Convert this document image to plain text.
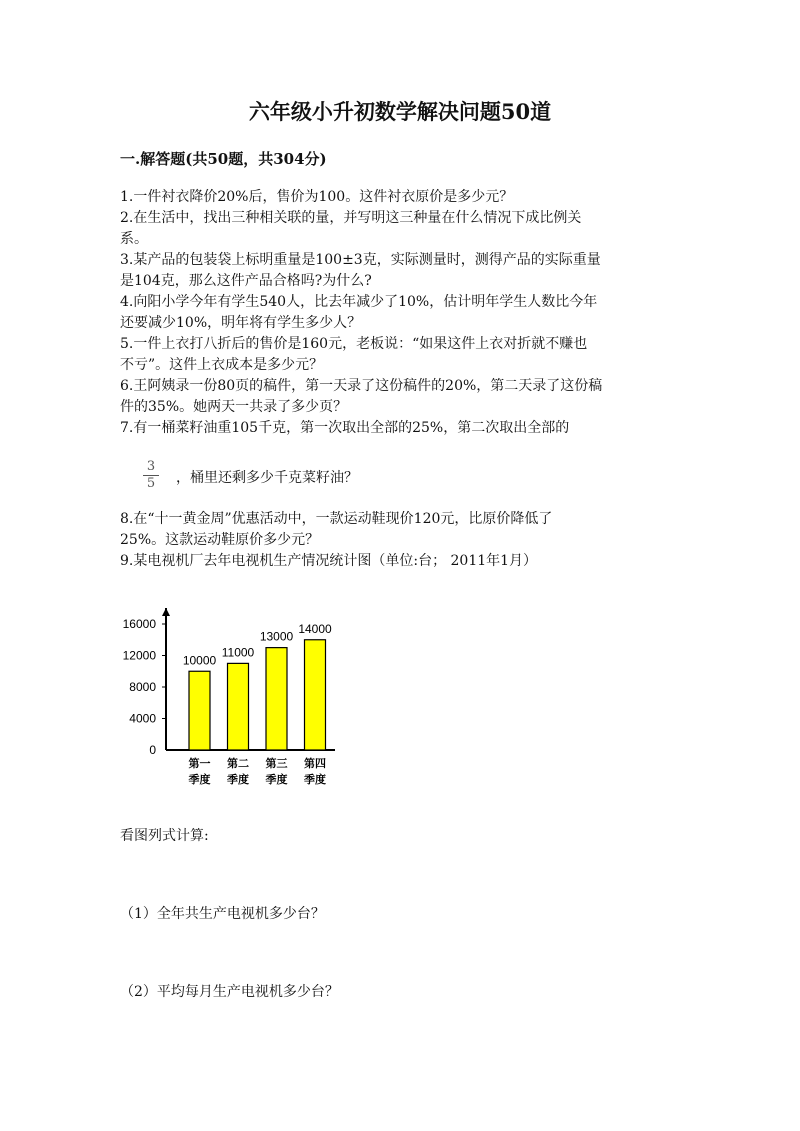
六年级小升初数学解决问题50道
一.解答题(共50题，共304分)
1.一件衬衣降价20%后，售价为100。这件衬衣原价是多少元？
2.在生活中，找出三种相关联的量，并写明这三种量在什么情况下成比例关
系。
3.某产品的包装袋上标明重量是100±3克，实际测量时，测得产品的实际重量
是104克，那么这件产品合格吗?为什么?
4.向阳小学今年有学生540人，比去年减少了10%，估计明年学生人数比今年
还要减少10%，明年将有学生多少人？
5.一件上衣打八折后的售价是160元，老板说：“如果这件上衣对折就不赚也
不亏”。这件上衣成本是多少元？
6.王阿姨录一份80页的稿件，第一天录了这份稿件的20%，第二天录了这份稿
件的35%。她两天一共录了多少页？
7.有一桶菜籽油重105千克，第一次取出全部的25%，第二次取出全部的
3
5 ，桶里还剩多少千克菜籽油？
8.在“十一黄金周”优惠活动中，一款运动鞋现价120元，比原价降低了
25%。这款运动鞋原价多少元？
9.某电视机厂去年电视机生产情况统计图（单位:台； 2011年1月）
0
4000
8000
12000
16000
10000
第一
季度
11000
第二
季度
13000
第三
季度
14000
第四
季度
看图列式计算:
（1）全年共生产电视机多少台？
（2）平均每月生产电视机多少台？
